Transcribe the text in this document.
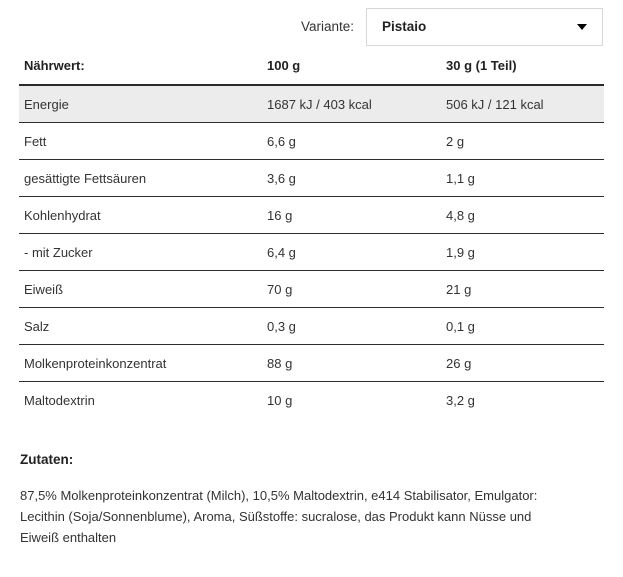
Variante:	Pistaio
Nährwert:	100 g	30 g (1 Teil)
Energie	1687 kJ / 403 kcal	506 kJ / 121 kcal
Fett	6,6 g	2 g
gesättigte Fettsäuren	3,6 g	1,1 g
Kohlenhydrat	16 g	4,8 g
- mit Zucker	6,4 g	1,9 g
Eiweiß	70 g	21 g
Salz	0,3 g	0,1 g
Molkenproteinkonzentrat	88 g	26 g
Maltodextrin	10 g	3,2 g
Zutaten:
87,5% Molkenproteinkonzentrat (Milch), 10,5% Maltodextrin, e414 Stabilisator, Emulgator: Lecithin (Soja/Sonnenblume), Aroma, Süßstoffe: sucralose, das Produkt kann Nüsse und Eiweiß enthalten
